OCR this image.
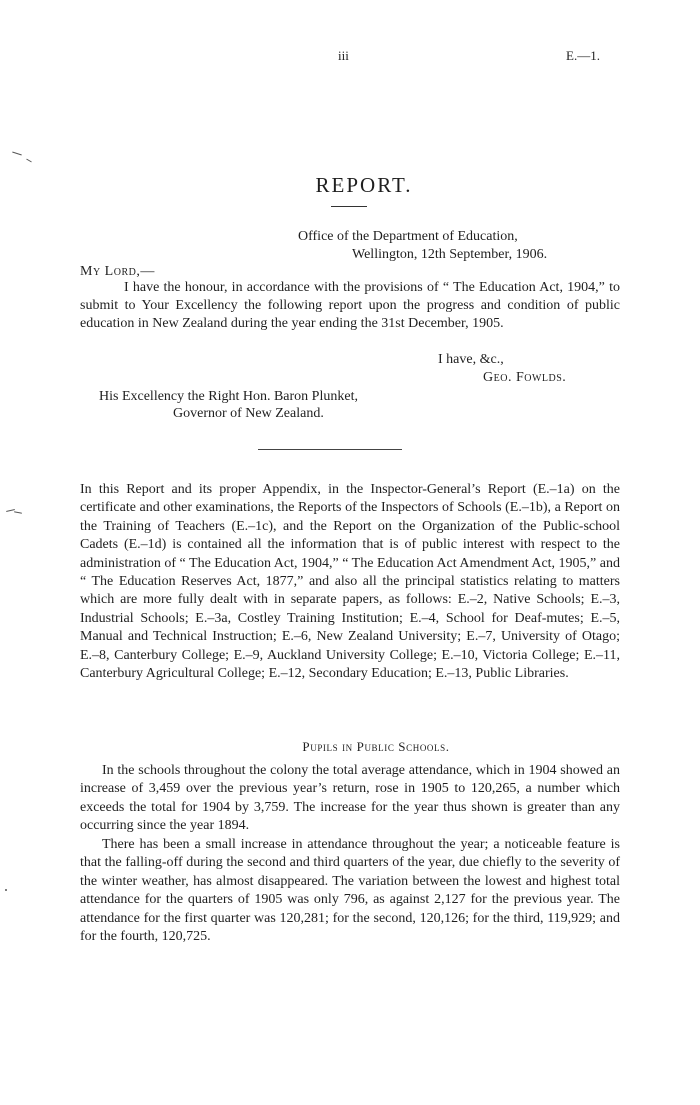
iii	E.—1.
REPORT.
Office of the Department of Education,
Wellington, 12th September, 1906.
My Lord,—

I have the honour, in accordance with the provisions of “ The Education Act, 1904,” to submit to Your Excellency the following report upon the progress and condition of public education in New Zealand during the year ending the 31st December, 1905.

I have, &c.,
Geo. Fowlds.
His Excellency the Right Hon. Baron Plunket,
Governor of New Zealand.

In this Report and its proper Appendix, in the Inspector-General’s Report (E.–1a) on the certificate and other examinations, the Reports of the Inspectors of Schools (E.–1b), a Report on the Training of Teachers (E.–1c), and the Report on the Organization of the Public-school Cadets (E.–1d) is contained all the information that is of public interest with respect to the administration of “ The Education Act, 1904,” “ The Education Act Amendment Act, 1905,” and “ The Education Reserves Act, 1877,” and also all the principal statistics relating to matters which are more fully dealt with in separate papers, as follows: E.–2, Native Schools; E.–3, Industrial Schools; E.–3a, Costley Training Institution; E.–4, School for Deaf-mutes; E.–5, Manual and Technical Instruction; E.–6, New Zealand University; E.–7, University of Otago; E.–8, Canterbury College; E.–9, Auckland University College; E.–10, Victoria College; E.–11, Canterbury Agricultural College; E.–12, Secondary Education; E.–13, Public Libraries.

Pupils in Public Schools.

In the schools throughout the colony the total average attendance, which in 1904 showed an increase of 3,459 over the previous year’s return, rose in 1905 to 120,265, a number which exceeds the total for 1904 by 3,759. The increase for the year thus shown is greater than any occurring since the year 1894.

There has been a small increase in attendance throughout the year; a noticeable feature is that the falling-off during the second and third quarters of the year, due chiefly to the severity of the winter weather, has almost disappeared. The variation between the lowest and highest total attendance for the quarters of 1905 was only 796, as against 2,127 for the previous year. The attendance for the first quarter was 120,281; for the second, 120,126; for the third, 119,929; and for the fourth, 120,725.
